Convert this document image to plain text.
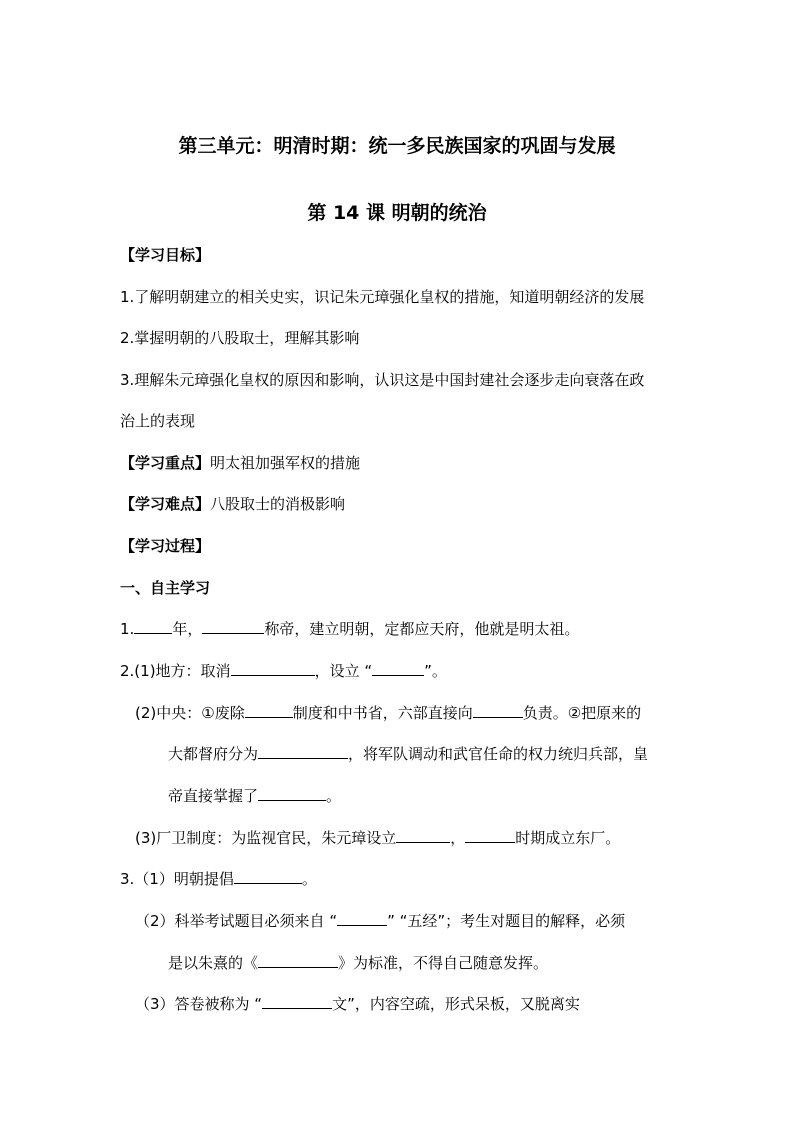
第三单元：明清时期：统一多民族国家的巩固与发展
第 14 课 明朝的统治
【学习目标】
1.了解明朝建立的相关史实，识记朱元璋强化皇权的措施，知道明朝经济的发展
2.掌握明朝的八股取士，理解其影响
3.理解朱元璋强化皇权的原因和影响，认识这是中国封建社会逐步走向衰落在政
治上的表现
【学习重点】明太祖加强军权的措施
【学习难点】八股取士的消极影响
【学习过程】
一、自主学习
1.	年，	称帝，建立明朝，定都应天府，他就是明太祖。
2.(1)地方：取消	，设立 “	”。
(2)中央：①废除	制度和中书省，六部直接向	负责。②把原来的
大都督府分为	，将军队调动和武官任命的权力统归兵部，皇
帝直接掌握了	。
(3)厂卫制度：为监视官民，朱元璋设立	，	时期成立东厂。
3.（1）明朝提倡	。
（2）科举考试题目必须来自 “	” “五经”；考生对题目的解释，必须
是以朱熹的《	》为标准，不得自己随意发挥。
（3）答卷被称为 “	文”，内容空疏，形式呆板，又脱离实
